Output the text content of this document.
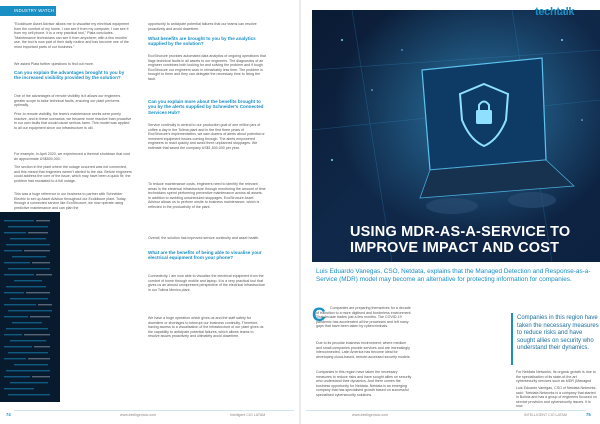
INDUSTRY WATCH
"Ecoldisure Asset Advisor allows me to visualise my electrical equipment from the comfort of my home, I can see it from my computer, I can see it from my cell phone. It is a very practical tool," Plata concludes. "Maintenance technicians can see it from anywhere; with a few months' use, the tool is now part of their daily routine and has become one of the most important parts of our business."
We asked Plata further questions to find out more.
Can you explain the advantages brought to you by the increased visibility provided by the solution?
One of the advantages of remote visibility is it allows our engineers greater scope to tailor technical faults, ensuring our plant performs optimally.
Prior to remote visibility, the team's maintenance works were purely reactive, and in these scenarios, we became more reactive than proactive in our own faults that would cause serious harm. This model was applied to all our equipment since our infrastructure is old.
For example, in April 2020, we experienced a thermal shutdown that cost an approximate US$500,000.
The section in the plant where the outage occurred was not connected, and this meant that engineers weren't alerted to the risk. Before engineers could address the core of the issue, which may have been a quick fix, the problem had escalated to a full outage.
This was a huge reference in our business to partner with Schneider Electric to set up Asset Advisor throughout our Ecoldisure plant. Today, through a connected service like EcoStruxure, we now operate using predictive maintenance and can plan the
opportunity to anticipate potential failures that our teams can resolve proactively and avoid downtime.
What benefits are brought to you by the analytics supplied by the solution?
EcoStruxure provides automated data analytics of ongoing operations that flags technical faults in all assets to our engineers. The diagnostics of an engineer combines both looking for and solving the problem and if tough EcoStruxure our engineers work in remarkably less time. The problem is brought to them and they can delegate the necessary time to fixing the fault.
Can you explain more about the benefits brought to you by the alerts supplied by Schneider's Connected Services Hub?
Service continuity is central to our production goal of one million jars of coffee a day in the Tolima plant and in the first three years of EcoStruxure's implementation, we saw dozens of alerts about potential or imminent equipment issues coming through. The alerts empowered engineers to react quickly and avoid three unplanned stoppages. We estimate that saved the company US$1,500,000 per year.
To reduce maintenance costs, engineers need to identify the relevant areas in the electrical infrastructure through monitoring the amount of time technicians spend performing preventive maintenance across all assets. In addition to avoiding unscheduled stoppages, EcoStruxure Asset Advisor allows us to perform onsite to business maintenance, which is reflected in the productivity of the plant.
Overall, the solution has improved service continuity and asset health.
What are the benefits of being able to visualise your electrical equipment from your phone?
Connectivity. I am now able to visualise the electrical equipment from the comfort of home through mobile and laptop. It is a very practical tool that gives us an almost omnipresent perspective of the electrical infrastructure in our Tolima Mexico plant.
We have a huge operation which gives us and the staff safety for downtime or shortages to interrupt our business continuity. Therefore, having access to a visualisation of the infrastructure of our plant gives us the capability to anticipate potential failures, which allows teams to resolve issues proactively and ultimately avoid downtime.
74	www.intelligentcio.com	Intelligent CIO LATAM
techtalk
USING MDR-AS-A-SERVICE TO IMPROVE IMPACT AND COST
Luis Eduardo Vanegas, CSO, Netdata, explains that the Managed Detection and Response-as-a-Service (MDR) model may become an alternative for protecting information for companies.
C	Companies are preparing themselves for a decade of transition to a more digitised and borderless environment. That decade trades just a few months. The COVID-19 pandemic has accelerated all the processes and left many gaps that have been taken by cybercriminals.
Due to its peculiar business environment, where medium and small companies provide services and are increasingly interconnected, Latin America has become ideal for developing cloud-based, remote-accessed security models.
Companies in this region have taken the necessary measures to reduce risks and have sought allies on security who understand their dynamics. And there comes the business opportunity for Netdata. Netdata is an emerging company that has specialised growth based on successful specialised cybersecurity solutions.
Companies in this region have taken the necessary measures to reduce risks and have sought allies on security who understand their dynamics.
For Netdata Networks, its organic growth is due to the specialisation of its state-of-the-art cybersecurity services such as MDR (Managed
Luis Eduardo Vanegas, CSO of Netdata Networks, said: "Netdata Networks is a company that started in Bolivia and has a group of engineers focused on service provision and cybersecurity issues. It is now
www.intelligentcio.com	INTELLIGENT CIO LATAM	75
